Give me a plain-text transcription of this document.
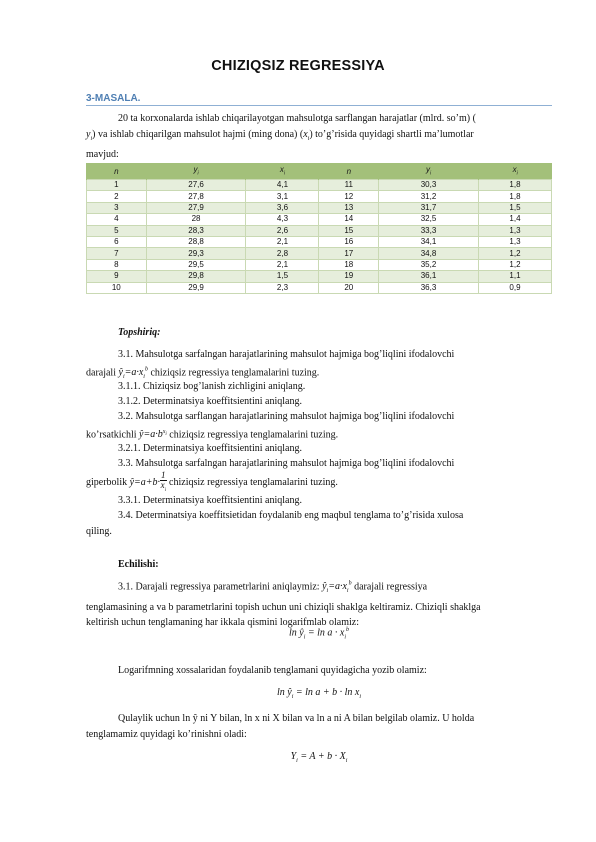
CHIZIQSIZ REGRESSIYA
3-MASALA.
20 ta korxonalarda ishlab chiqarilayotgan mahsulotga sarflangan harajatlar (mlrd. so’m) (
$y_i$) va ishlab chiqarilgan mahsulot hajmi (ming dona) $(x_i)$ to’g’risida quyidagi shartli ma’lumotlar
mavjud:
n	$y_i$	$x_i$	n	$y_i$	$x_i$
1	27,6	4,1	11	30,3	1,8
2	27,8	3,1	12	31,2	1,8
3	27,9	3,6	13	31,7	1,5
4	28	4,3	14	32,5	1,4
5	28,3	2,6	15	33,3	1,3
6	28,8	2,1	16	34,1	1,3
7	29,3	2,8	17	34,8	1,2
8	29,5	2,1	18	35,2	1,2
9	29,8	1,5	19	36,1	1,1
10	29,9	2,3	20	36,3	0,9
Topshiriq:
3.1. Mahsulotga sarfalngan harajatlarining mahsulot hajmiga bog’liqlini ifodalovchi
darajali $ŷ_i=a\cdot x_i^b$ chiziqsiz regressiya tenglamalarini tuzing.
3.1.1. Chiziqsiz bog’lanish zichligini aniqlang.
3.1.2. Determinatsiya koeffitsientini aniqlang.
3.2. Mahsulotga sarflangan harajatlarining mahsulot hajmiga bog’liqlini ifodalovchi
ko’rsatkichli $ŷ=a\cdot b^{x_i}$ chiziqsiz regressiya tenglamalarini tuzing.
3.2.1. Determinatsiya koeffitsientini aniqlang.
3.3. Mahsulotga sarfalngan harajatlarining mahsulot hajmiga bog’liqlini ifodalovchi
giperbolik ŷ=a+b· $\frac{1}{x_i}$ chiziqsiz regressiya tenglamalarini tuzing.
3.3.1. Determinatsiya koeffitsientini aniqlang.
3.4. Determinatsiya koeffitsietidan foydalanib eng maqbul tenglama to’g’risida xulosa
qiling.
Echilishi:
3.1. Darajali regressiya parametrlarini aniqlaymiz: $ŷ_i=a\cdot x_i^b$ darajali regressiya
tenglamasining a va b parametrlarini topish uchun uni chiziqli shaklga keltiramiz. Chiziqli shaklga
keltirish uchun tenglamaning har ikkala qismini logarifmlab olamiz:
$\ln ŷ_i = \ln a \cdot x_i^b$
Logarifmning xossalaridan foydalanib tenglamani quyidagicha yozib olamiz:
$\ln ŷ_i = \ln a + b \cdot \ln x_i$
Qulaylik uchun ln ŷ ni Y bilan, ln x ni X bilan va ln a ni A bilan belgilab olamiz. U holda
tenglamamiz quyidagi ko’rinishni oladi:
$Y_i = A + b \cdot X_i$
